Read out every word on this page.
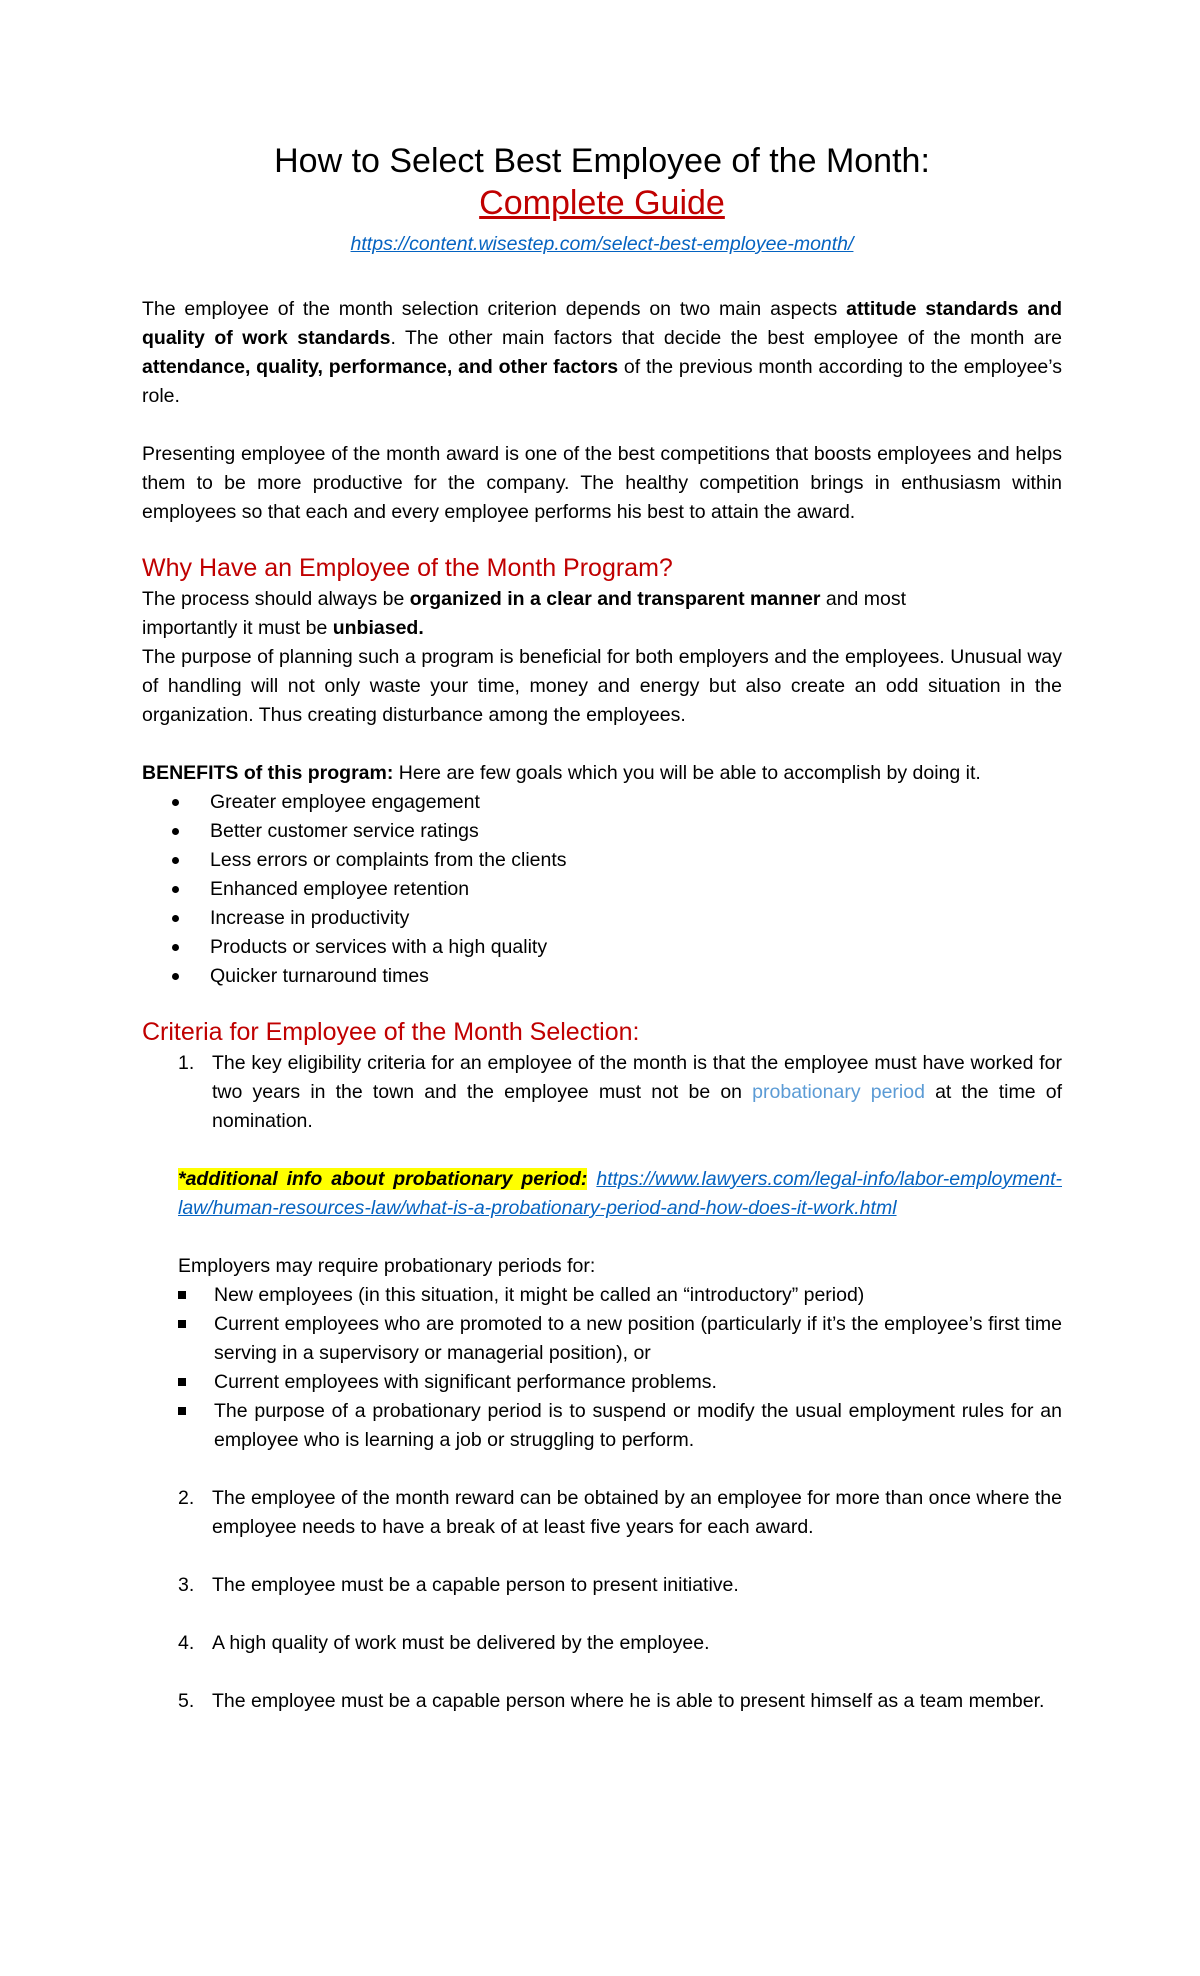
How to Select Best Employee of the Month:
Complete Guide
https://content.wisestep.com/select-best-employee-month/

The employee of the month selection criterion depends on two main aspects attitude standards and quality of work standards. The other main factors that decide the best employee of the month are attendance, quality, performance, and other factors of the previous month according to the employee’s role.

Presenting employee of the month award is one of the best competitions that boosts employees and helps them to be more productive for the company. The healthy competition brings in enthusiasm within employees so that each and every employee performs his best to attain the award.

Why Have an Employee of the Month Program?

The process should always be organized in a clear and transparent manner and most importantly it must be unbiased.

The purpose of planning such a program is beneficial for both employers and the employees. Unusual way of handling will not only waste your time, money and energy but also create an odd situation in the organization. Thus creating disturbance among the employees.

BENEFITS of this program: Here are few goals which you will be able to accomplish by doing it.

Greater employee engagement
Better customer service ratings
Less errors or complaints from the clients
Enhanced employee retention
Increase in productivity
Products or services with a high quality
Quicker turnaround times
Criteria for Employee of the Month Selection:
1. The key eligibility criteria for an employee of the month is that the employee must have worked for two years in the town and the employee must not be on probationary period at the time of nomination.

*additional info about probationary period: https://www.lawyers.com/legal-info/labor-employment-law/human-resources-law/what-is-a-probationary-period-and-how-does-it-work.html

Employers may require probationary periods for:

New employees (in this situation, it might be called an “introductory” period)
Current employees who are promoted to a new position (particularly if it’s the employee’s first time serving in a supervisory or managerial position), or
Current employees with significant performance problems.
The purpose of a probationary period is to suspend or modify the usual employment rules for an employee who is learning a job or struggling to perform.
2. The employee of the month reward can be obtained by an employee for more than once where the employee needs to have a break of at least five years for each award.

3. The employee must be a capable person to present initiative.

4. A high quality of work must be delivered by the employee.

5. The employee must be a capable person where he is able to present himself as a team member.
